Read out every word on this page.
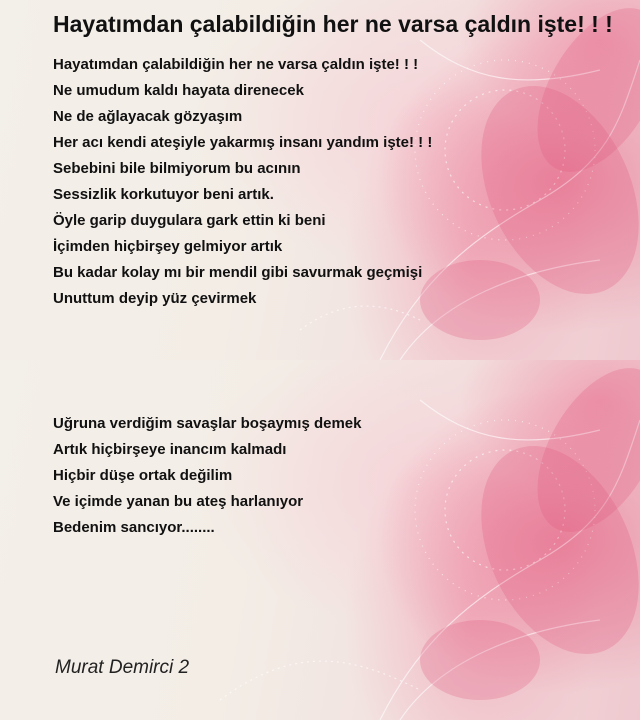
Hayatımdan çalabildiğin her ne varsa çaldın işte! ! !
Hayatımdan çalabildiğin her ne varsa çaldın işte! ! !
Ne umudum kaldı hayata direnecek
Ne de ağlayacak gözyaşım
Her acı kendi ateşiyle yakarmış insanı yandım işte! ! !
Sebebini bile bilmiyorum bu acının
Sessizlik korkutuyor beni artık.
Öyle garip duygulara gark ettin ki beni
İçimden hiçbirşey gelmiyor artık
Bu kadar kolay mı bir mendil gibi savurmak geçmişi
Unuttum deyip yüz çevirmek
Uğruna verdiğim savaşlar boşaymış demek
Artık hiçbirşeye inancım kalmadı
Hiçbir düşe ortak değilim
Ve içimde yanan bu ateş harlanıyor
Bedenim sancıyor........
Murat Demirci 2
